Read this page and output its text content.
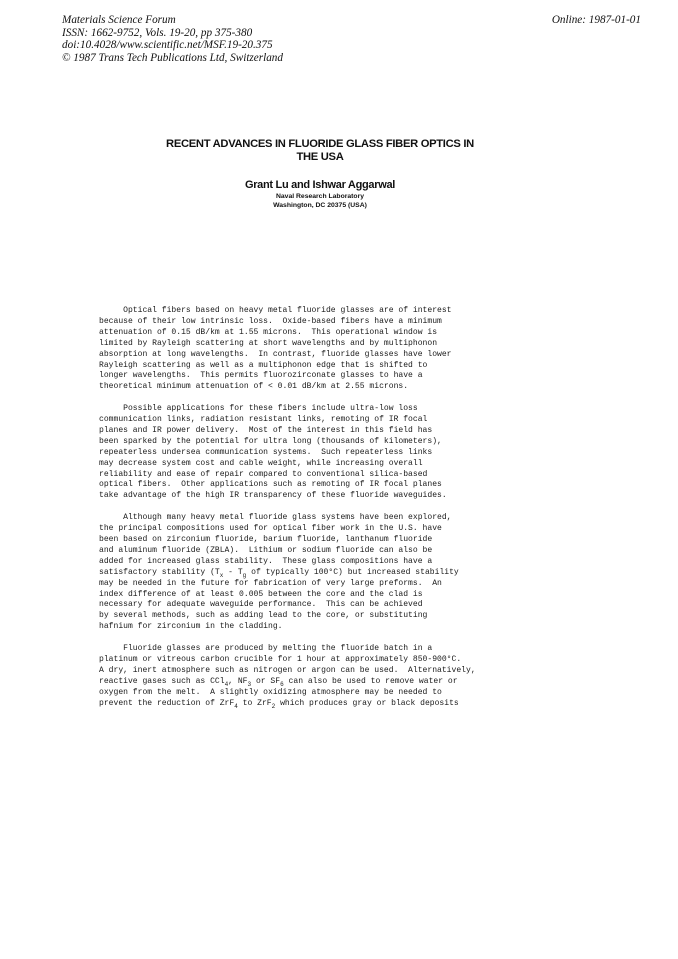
Materials Science Forum
ISSN: 1662-9752, Vols. 19-20, pp 375-380
doi:10.4028/www.scientific.net/MSF.19-20.375
© 1987 Trans Tech Publications Ltd, Switzerland
Online: 1987-01-01
RECENT ADVANCES IN FLUORIDE GLASS FIBER OPTICS IN
THE USA
Grant Lu and Ishwar Aggarwal
Naval Research Laboratory
Washington, DC 20375 (USA)
Optical fibers based on heavy metal fluoride glasses are of interest
because of their low intrinsic loss.  Oxide-based fibers have a minimum
attenuation of 0.15 dB/km at 1.55 microns.  This operational window is
limited by Rayleigh scattering at short wavelengths and by multiphonon
absorption at long wavelengths.  In contrast, fluoride glasses have lower
Rayleigh scattering as well as a multiphonon edge that is shifted to
longer wavelengths.  This permits fluorozirconate glasses to have a
theoretical minimum attenuation of < 0.01 dB/km at 2.55 microns.
Possible applications for these fibers include ultra-low loss
communication links, radiation resistant links, remoting of IR focal
planes and IR power delivery.  Most of the interest in this field has
been sparked by the potential for ultra long (thousands of kilometers),
repeaterless undersea communication systems.  Such repeaterless links
may decrease system cost and cable weight, while increasing overall
reliability and ease of repair compared to conventional silica-based
optical fibers.  Other applications such as remoting of IR focal planes
take advantage of the high IR transparency of these fluoride waveguides.
Although many heavy metal fluoride glass systems have been explored,
the principal compositions used for optical fiber work in the U.S. have
been based on zirconium fluoride, barium fluoride, lanthanum fluoride
and aluminum fluoride (ZBLA).  Lithium or sodium fluoride can also be
added for increased glass stability.  These glass compositions have a
satisfactory stability ($T_x - T_g$ of typically 100°C) but increased stability
may be needed in the future for fabrication of very large preforms.  An
index difference of at least 0.005 between the core and the clad is
necessary for adequate waveguide performance.  This can be achieved
by several methods, such as adding lead to the core, or substituting
hafnium for zirconium in the cladding.
Fluoride glasses are produced by melting the fluoride batch in a
platinum or vitreous carbon crucible for 1 hour at approximately 850-900°C.
A dry, inert atmosphere such as nitrogen or argon can be used.  Alternatively,
reactive gases such as CCl$_4$, $NF_3$ or $SF_6$ can also be used to remove water or
oxygen from the melt.  A slightly oxidizing atmosphere may be needed to
prevent the reduction of ZrF$_4$ to ZrF$_2$ which produces gray or black deposits
